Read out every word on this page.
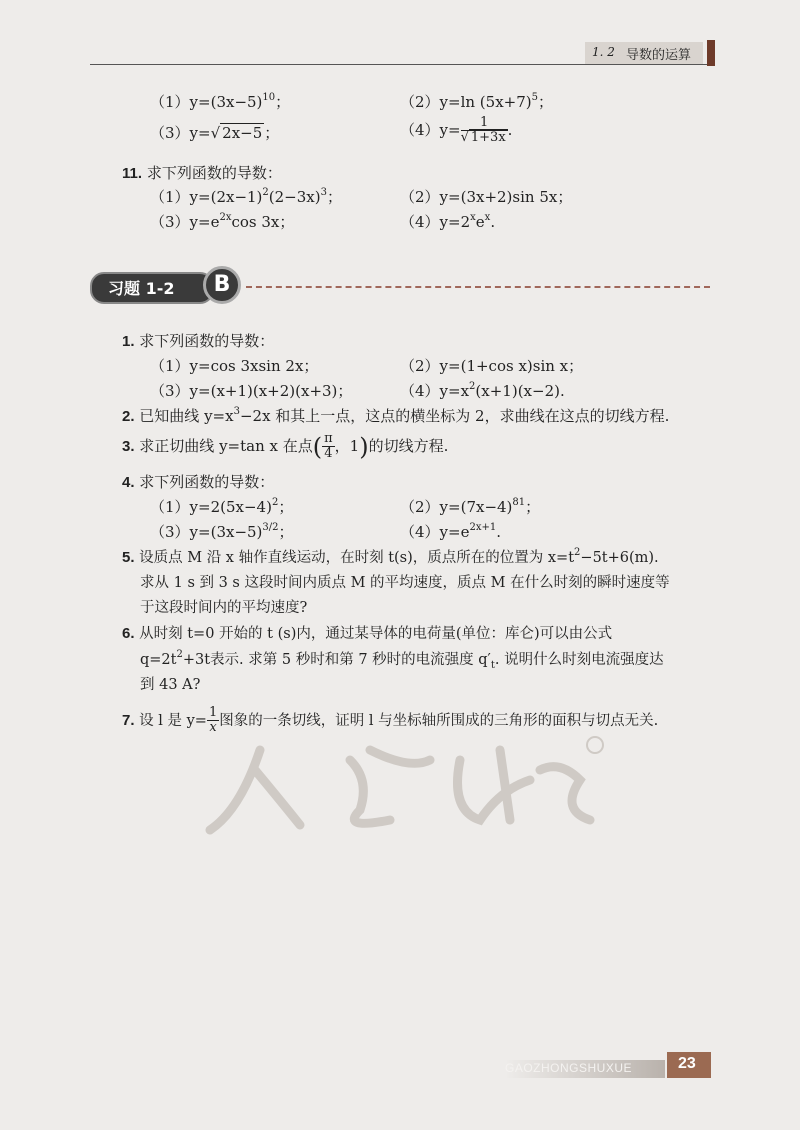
1. 2 导数的运算
$(1)y=(3x-5)^{10}$；	（2）y=ln $(5x+7)^5$；
（3）y=√ 2x−5 ；	$(4)y= \frac{1}{√ 1+3x}$ .
11. 求下列函数的导数：
$(1)y=(2x-1)^2(2-3x)^3$；	（2）y=(3x+2)sin 5x；
$(3)y=e^{2x}\cos$ 3x；	$(4)y=2^xe^x$.
习题 1-2	B
1. 求下列函数的导数：
（1）y=cos 3xsin 2x；	（2）y=(1+cos x)sin x；
（3）y=(x+1)(x+2)(x+3)；	$(4)y=x^2(x+1)(x-2)$.
2. 已知曲线 $y=x^3-2x$ 和其上一点，这点的横坐标为 2，求曲线在这点的切线方程.
3. 求正切曲线 y=tan x 在点( $\frac{\pi}{4}$ ，1)的切线方程.
4. 求下列函数的导数：
$(1)y=2(5x-4)^2$；	$(2)y=(7x-4)^{81}$；
$(3)y=(3x-5)^{3/2}$；	$(4)y=e^{2x+1}$.
5. 设质点 M 沿 x 轴作直线运动，在时刻 t(s)，质点所在的位置为 $x=t^2-5t+6(m)$.
求从 1 s 到 3 s 这段时间内质点 M 的平均速度，质点 M 在什么时刻的瞬时速度等
于这段时间内的平均速度?
6. 从时刻 t=0 开始的 t (s)内，通过某导体的电荷量(单位：库仑)可以由公式
$q=2t^2+3t$表示. 求第 5 秒时和第 7 秒时的电流强度 $q'_t$. 说明什么时刻电流强度达
到 43 A?
7. 设 l 是 $y= \frac{1}{x}$ 图象的一条切线，证明 l 与坐标轴所围成的三角形的面积与切点无关.
GAOZHONGSHUXUE	23
